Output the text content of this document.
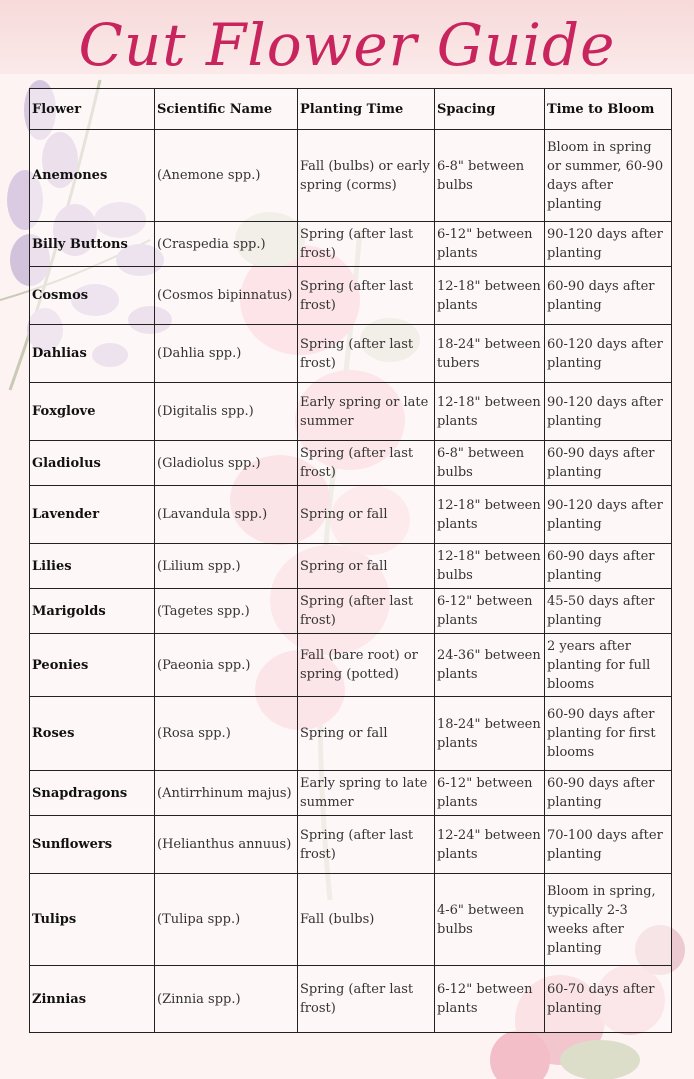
Cut Flower Guide
Flower	Scientific Name	Planting Time	Spacing	Time to Bloom
Anemones	(Anemone spp.)	Fall (bulbs) or early spring (corms)	6-8" between bulbs	Bloom in spring or summer, 60-90 days after planting
Billy Buttons	(Craspedia spp.)	Spring (after last frost)	6-12" between plants	90-120 days after planting
Cosmos	(Cosmos bipinnatus)	Spring (after last frost)	12-18" between plants	60-90 days after planting
Dahlias	(Dahlia spp.)	Spring (after last frost)	18-24" between tubers	60-120 days after planting
Foxglove	(Digitalis spp.)	Early spring or late summer	12-18" between plants	90-120 days after planting
Gladiolus	(Gladiolus spp.)	Spring (after last frost)	6-8" between bulbs	60-90 days after planting
Lavender	(Lavandula spp.)	Spring or fall	12-18" between plants	90-120 days after planting
Lilies	(Lilium spp.)	Spring or fall	12-18" between bulbs	60-90 days after planting
Marigolds	(Tagetes spp.)	Spring (after last frost)	6-12" between plants	45-50 days after planting
Peonies	(Paeonia spp.)	Fall (bare root) or spring (potted)	24-36" between plants	2 years after planting for full blooms
Roses	(Rosa spp.)	Spring or fall	18-24" between plants	60-90 days after planting for first blooms
Snapdragons	(Antirrhinum majus)	Early spring to late summer	6-12" between plants	60-90 days after planting
Sunflowers	(Helianthus annuus)	Spring (after last frost)	12-24" between plants	70-100 days after planting
Tulips	(Tulipa spp.)	Fall (bulbs)	4-6" between bulbs	Bloom in spring, typically 2-3 weeks after planting
Zinnias	(Zinnia spp.)	Spring (after last frost)	6-12" between plants	60-70 days after planting
